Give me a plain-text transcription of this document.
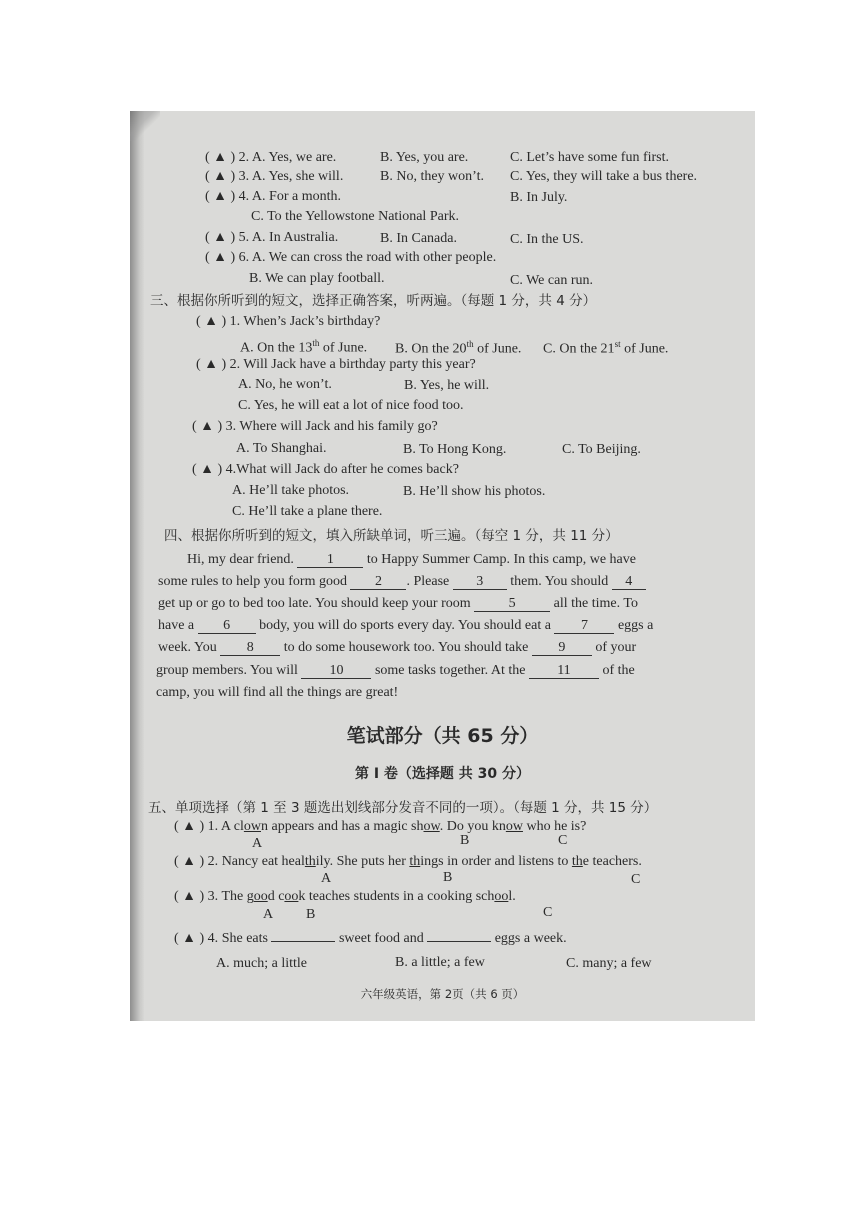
( ▲ ) 2. A. Yes, we are.	B. Yes, you are.	C. Let’s have some fun first.
( ▲ ) 3. A. Yes, she will.	B. No, they won’t. C. Yes, they will take a bus there.
( ▲ ) 4. A. For a month.	B. In July.
C. To the Yellowstone National Park.
( ▲ ) 5. A. In Australia.	B. In Canada.	C. In the US.
( ▲ ) 6. A. We can cross the road with other people.
B. We can play football.	C. We can run.
三、根据你所听到的短文，选择正确答案，听两遍。（每题 1 分，共 4 分）
( ▲ ) 1. When’s Jack’s birthday?
A. On the 13th of June. B. On the 20th of June. C. On the 21st of June.
( ▲ ) 2. Will Jack have a birthday party this year?
A. No, he won’t.	B. Yes, he will.
C. Yes, he will eat a lot of nice food too.
( ▲ ) 3. Where will Jack and his family go?
A. To Shanghai.	B. To Hong Kong.	C. To Beijing.
( ▲ ) 4.What will Jack do after he comes back?
A. He’ll take photos.	B. He’ll show his photos.
C. He’ll take a plane there.
四、根据你所听到的短文，填入所缺单词，听三遍。（每空 1 分，共 11 分）
Hi, my dear friend. 1 to Happy Summer Camp. In this camp, we have
some rules to help you form good 2 . Please 3 them. You should 4
get up or go to bed too late. You should keep your room	5	all the time. To
have a 6 body, you will do sports every day. You should eat a 7 eggs a
week. You 8 to do some housework too. You should take 9 of your
group members. You will 10 some tasks together. At the 11 of the
camp, you will find all the things are great!
笔试部分（共 65 分）
第 I 卷（选择题 共 30 分）
五、单项选择（第 1 至 3 题选出划线部分发音不同的一项）。（每题 1 分，共 15 分）
( ▲ ) 1. A clown appears and has a magic show. Do you know who he is?
A	B	C
( ▲ ) 2. Nancy eat healthily. She puts her things in order and listens to the teachers.
A	B	C
( ▲ ) 3. The good cook teaches students in a cooking school.
A B	C
( ▲ ) 4. She eats	sweet food and	eggs a week.
A. much; a little	B. a little; a few	C. many; a few
六年级英语，第 2页（共 6 页）
